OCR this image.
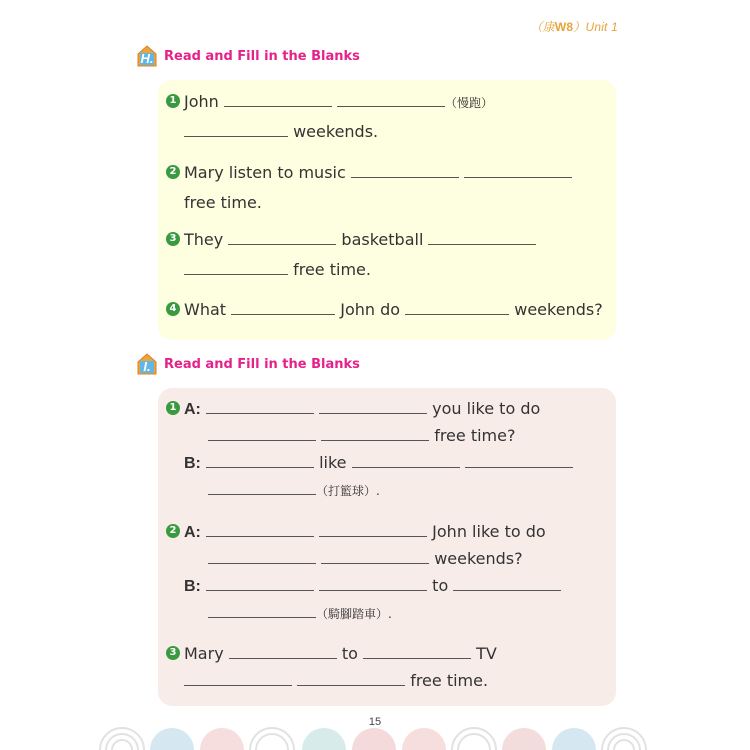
（康W8）Unit 1
H. Read and Fill in the Blanks
1 John	（慢跑）
weekends.
2 Mary listen to music
free time.
3 They	basketball
free time.
4 What	John do	weekends?
I.	Read and Fill in the Blanks
1 A:	you like to do
free time?
B:	like
（打籃球）.
2 A:	John like to do
weekends?
B:	to
（騎腳踏車）.
3 Mary	to	TV
free time.
15
